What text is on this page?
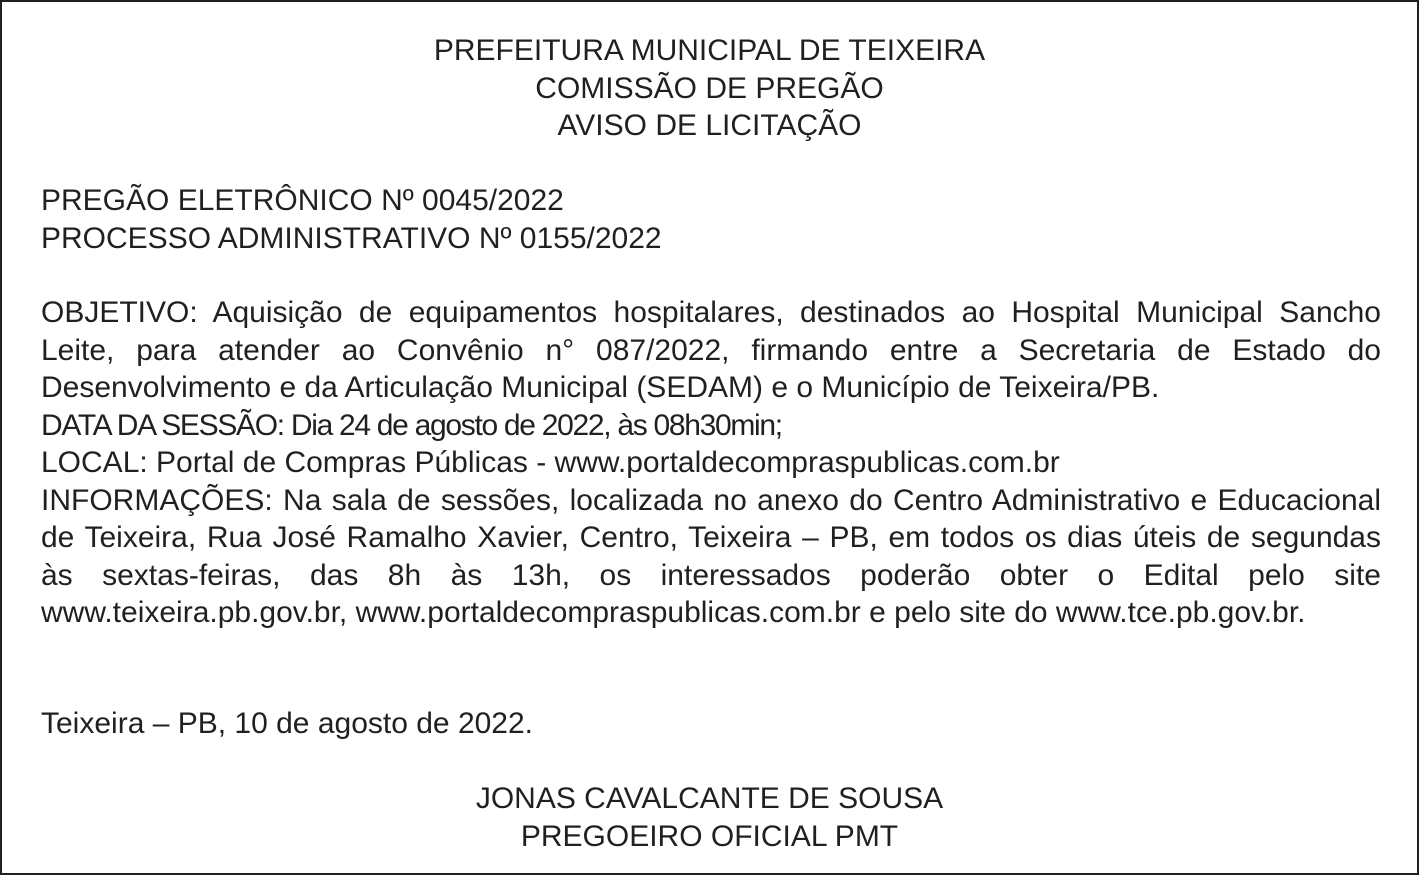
PREFEITURA MUNICIPAL DE TEIXEIRA
COMISSÃO DE PREGÃO
AVISO DE LICITAÇÃO
PREGÃO ELETRÔNICO Nº 0045/2022
PROCESSO ADMINISTRATIVO Nº 0155/2022
OBJETIVO: Aquisição de equipamentos hospitalares, destinados ao Hospital Municipal Sancho Leite, para atender ao Convênio n° 087/2022, firmando entre a Secretaria de Estado do Desenvolvimento e da Articulação Municipal (SEDAM) e o Município de Teixeira/PB.
DATA DA SESSÃO: Dia 24 de agosto de 2022, às 08h30min;
LOCAL: Portal de Compras Públicas - www.portaldecompraspublicas.com.br
INFORMAÇÕES: Na sala de sessões, localizada no anexo do Centro Administrativo e Educacional de Teixeira, Rua José Ramalho Xavier, Centro, Teixeira – PB, em todos os dias úteis de segundas às sextas-feiras, das 8h às 13h, os interessados poderão obter o Edital pelo site www.teixeira.pb.gov.br, www.portaldecompraspublicas.com.br e pelo site do www.tce.pb.gov.br.
Teixeira – PB, 10 de agosto de 2022.
JONAS CAVALCANTE DE SOUSA
PREGOEIRO OFICIAL PMT
